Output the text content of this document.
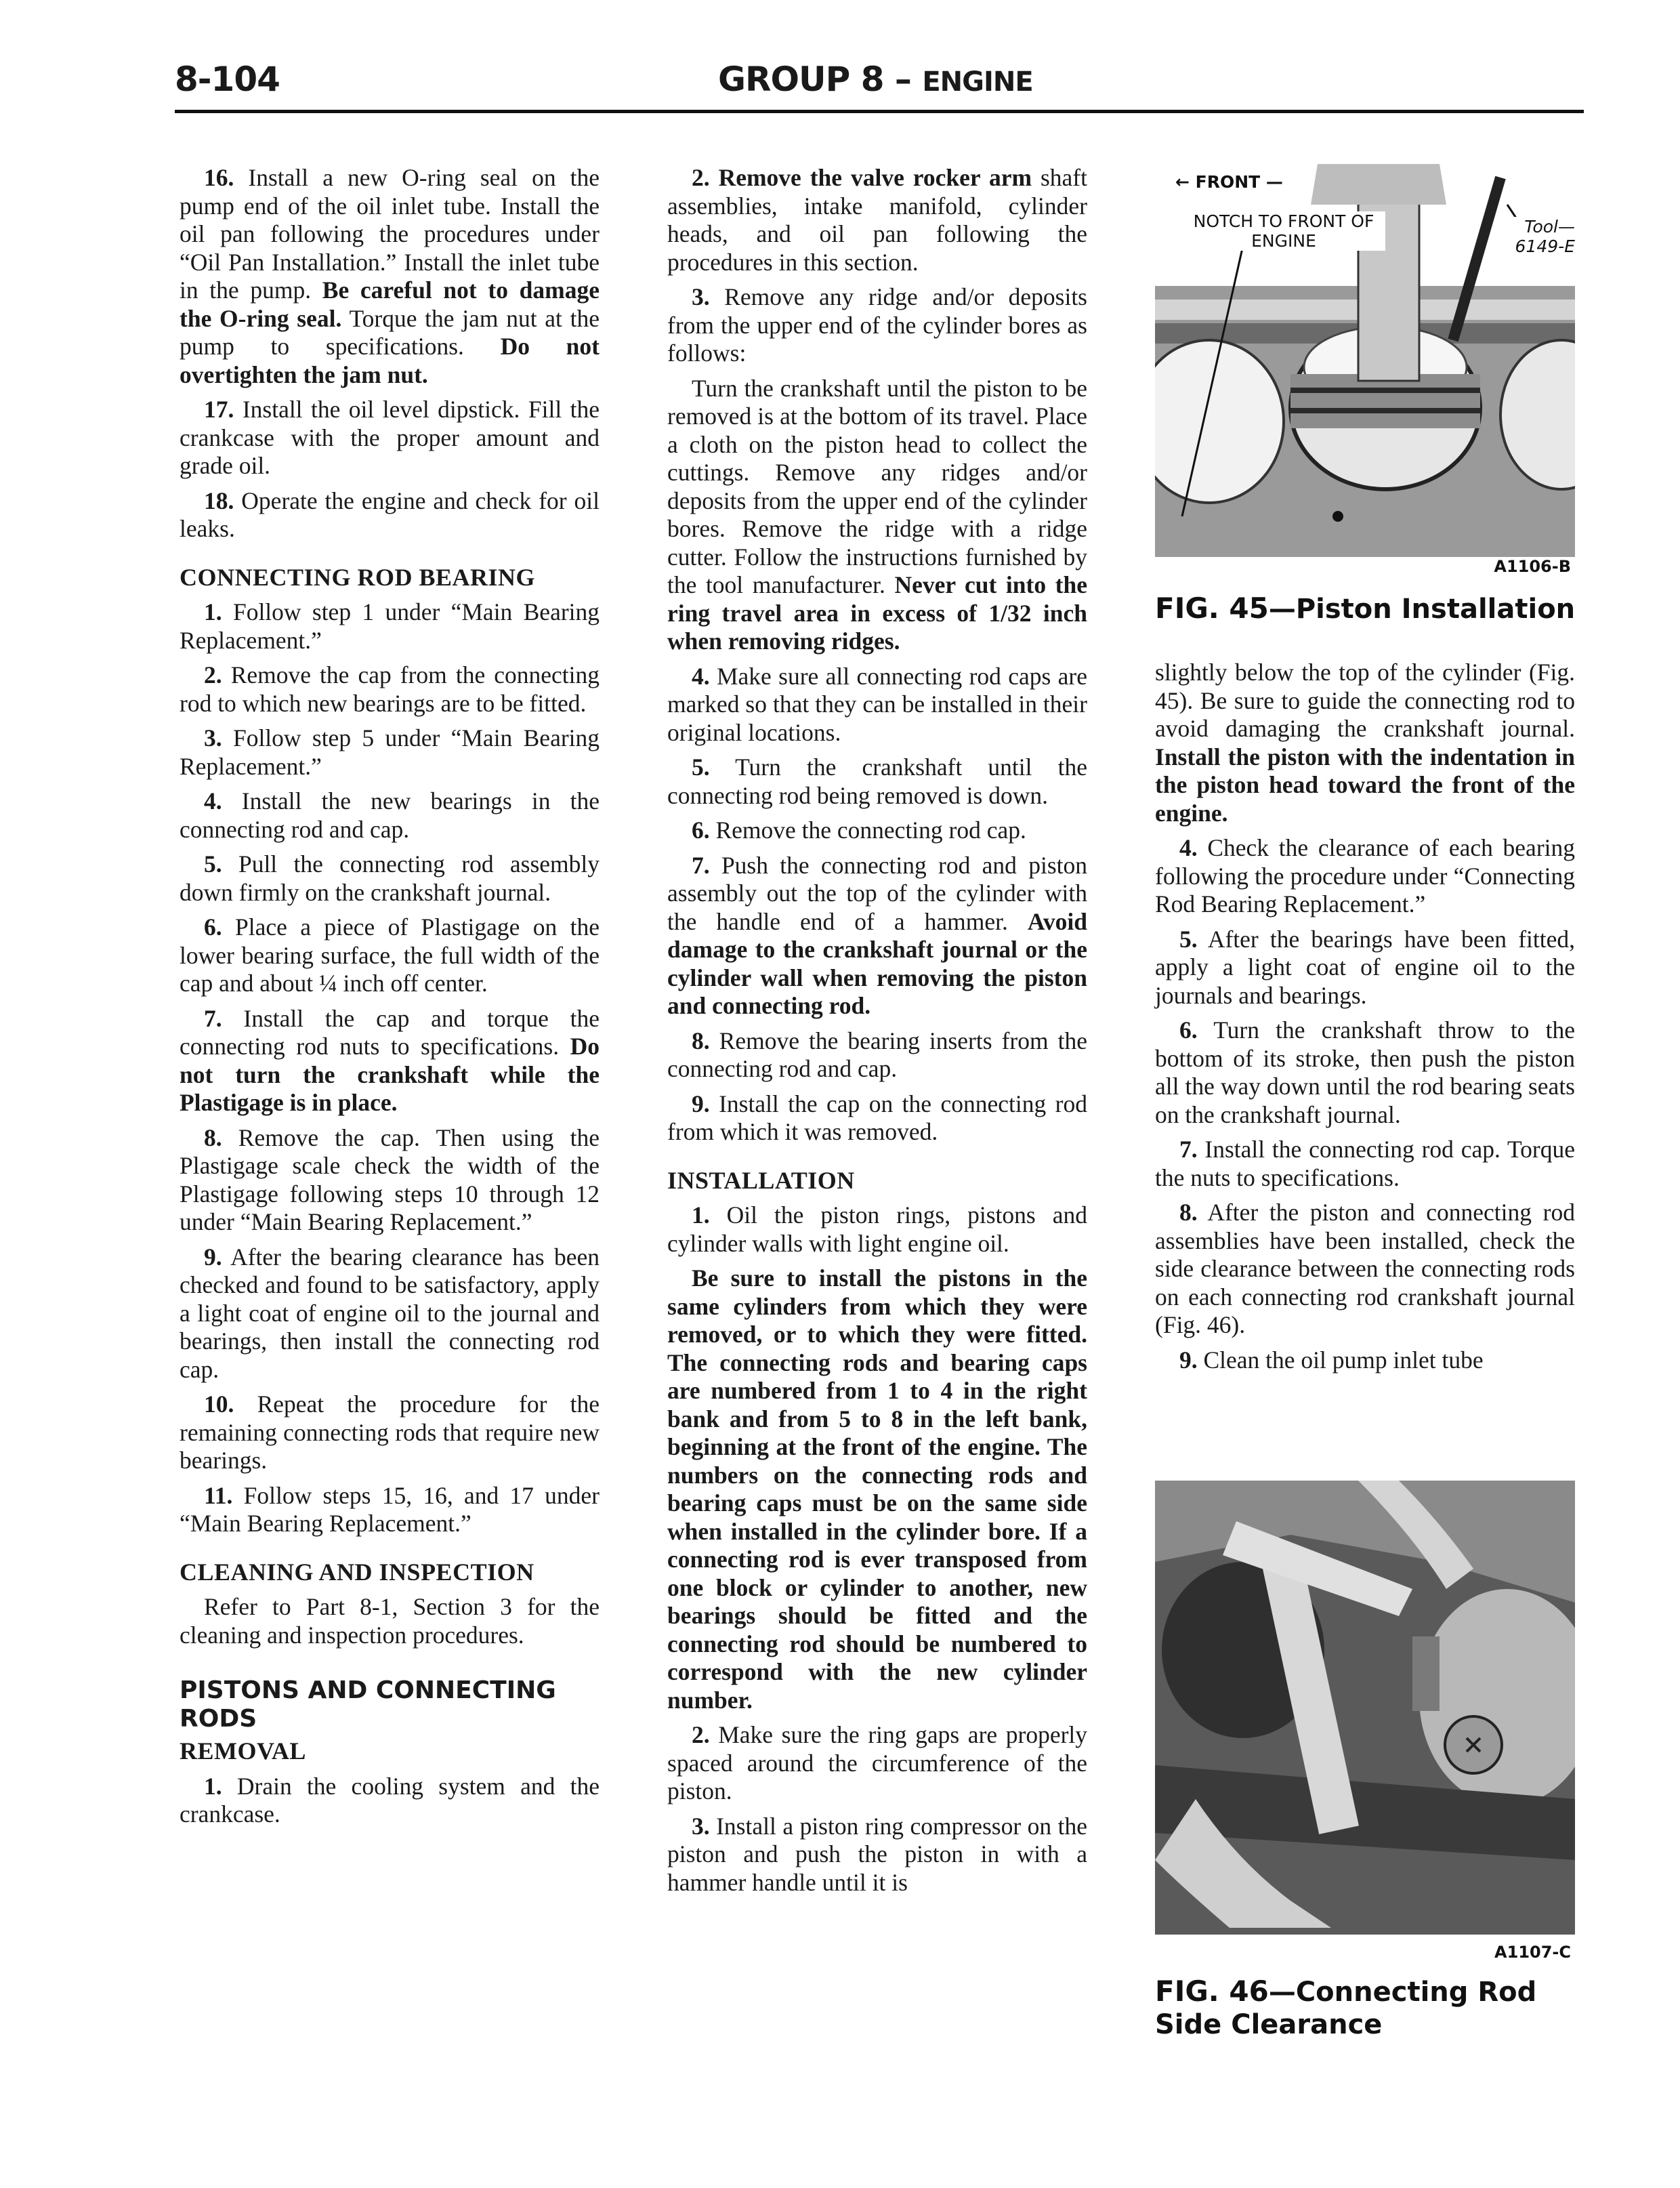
8-104	GROUP 8 – ENGINE

16. Install a new O-ring seal on the pump end of the oil inlet tube. Install the oil pan following the procedures under “Oil Pan Installation.” Install the inlet tube in the pump. Be careful not to damage the O-ring seal. Torque the jam nut at the pump to specifications. Do not overtighten the jam nut.

17. Install the oil level dipstick. Fill the crankcase with the proper amount and grade oil.

18. Operate the engine and check for oil leaks.

CONNECTING ROD BEARING

1. Follow step 1 under “Main Bearing Replacement.”

2. Remove the cap from the connecting rod to which new bearings are to be fitted.

3. Follow step 5 under “Main Bearing Replacement.”

4. Install the new bearings in the connecting rod and cap.

5. Pull the connecting rod assembly down firmly on the crankshaft journal.

6. Place a piece of Plastigage on the lower bearing surface, the full width of the cap and about ¼ inch off center.

7. Install the cap and torque the connecting rod nuts to specifications. Do not turn the crankshaft while the Plastigage is in place.

8. Remove the cap. Then using the Plastigage scale check the width of the Plastigage following steps 10 through 12 under “Main Bearing Replacement.”

9. After the bearing clearance has been checked and found to be satisfactory, apply a light coat of engine oil to the journal and bearings, then install the connecting rod cap.

10. Repeat the procedure for the remaining connecting rods that require new bearings.

11. Follow steps 15, 16, and 17 under “Main Bearing Replacement.”

CLEANING AND INSPECTION

Refer to Part 8-1, Section 3 for the cleaning and inspection procedures.

PISTONS AND CONNECTING RODS
REMOVAL

1. Drain the cooling system and the crankcase.

2. Remove the valve rocker arm shaft assemblies, intake manifold, cylinder heads, and oil pan following the procedures in this section.

3. Remove any ridge and/or deposits from the upper end of the cylinder bores as follows:

Turn the crankshaft until the piston to be removed is at the bottom of its travel. Place a cloth on the piston head to collect the cuttings. Remove any ridges and/or deposits from the upper end of the cylinder bores. Remove the ridge with a ridge cutter. Follow the instructions furnished by the tool manufacturer. Never cut into the ring travel area in excess of 1/32 inch when removing ridges.

4. Make sure all connecting rod caps are marked so that they can be installed in their original locations.

5. Turn the crankshaft until the connecting rod being removed is down.

6. Remove the connecting rod cap.

7. Push the connecting rod and piston assembly out the top of the cylinder with the handle end of a hammer. Avoid damage to the crankshaft journal or the cylinder wall when removing the piston and connecting rod.

8. Remove the bearing inserts from the connecting rod and cap.

9. Install the cap on the connecting rod from which it was removed.

INSTALLATION

1. Oil the piston rings, pistons and cylinder walls with light engine oil.

Be sure to install the pistons in the same cylinders from which they were removed, or to which they were fitted. The connecting rods and bearing caps are numbered from 1 to 4 in the right bank and from 5 to 8 in the left bank, beginning at the front of the engine. The numbers on the connecting rods and bearing caps must be on the same side when installed in the cylinder bore. If a connecting rod is ever transposed from one block or cylinder to another, new bearings should be fitted and the connecting rod should be numbered to correspond with the new cylinder number.

2. Make sure the ring gaps are properly spaced around the circumference of the piston.

3. Install a piston ring compressor on the piston and push the piston in with a hammer handle until it is

← FRONT —
NOTCH TO FRONT OF ENGINE
Tool— 6149-E
A1106-B
FIG. 45—Piston Installation

slightly below the top of the cylinder (Fig. 45). Be sure to guide the connecting rod to avoid damaging the crankshaft journal. Install the piston with the indentation in the piston head toward the front of the engine.

4. Check the clearance of each bearing following the procedure under “Connecting Rod Bearing Replacement.”

5. After the bearings have been fitted, apply a light coat of engine oil to the journals and bearings.

6. Turn the crankshaft throw to the bottom of its stroke, then push the piston all the way down until the rod bearing seats on the crankshaft journal.

7. Install the connecting rod cap. Torque the nuts to specifications.

8. After the piston and connecting rod assemblies have been installed, check the side clearance between the connecting rods on each connecting rod crankshaft journal (Fig. 46).

9. Clean the oil pump inlet tube

A1107-C
FIG. 46—Connecting Rod Side Clearance
